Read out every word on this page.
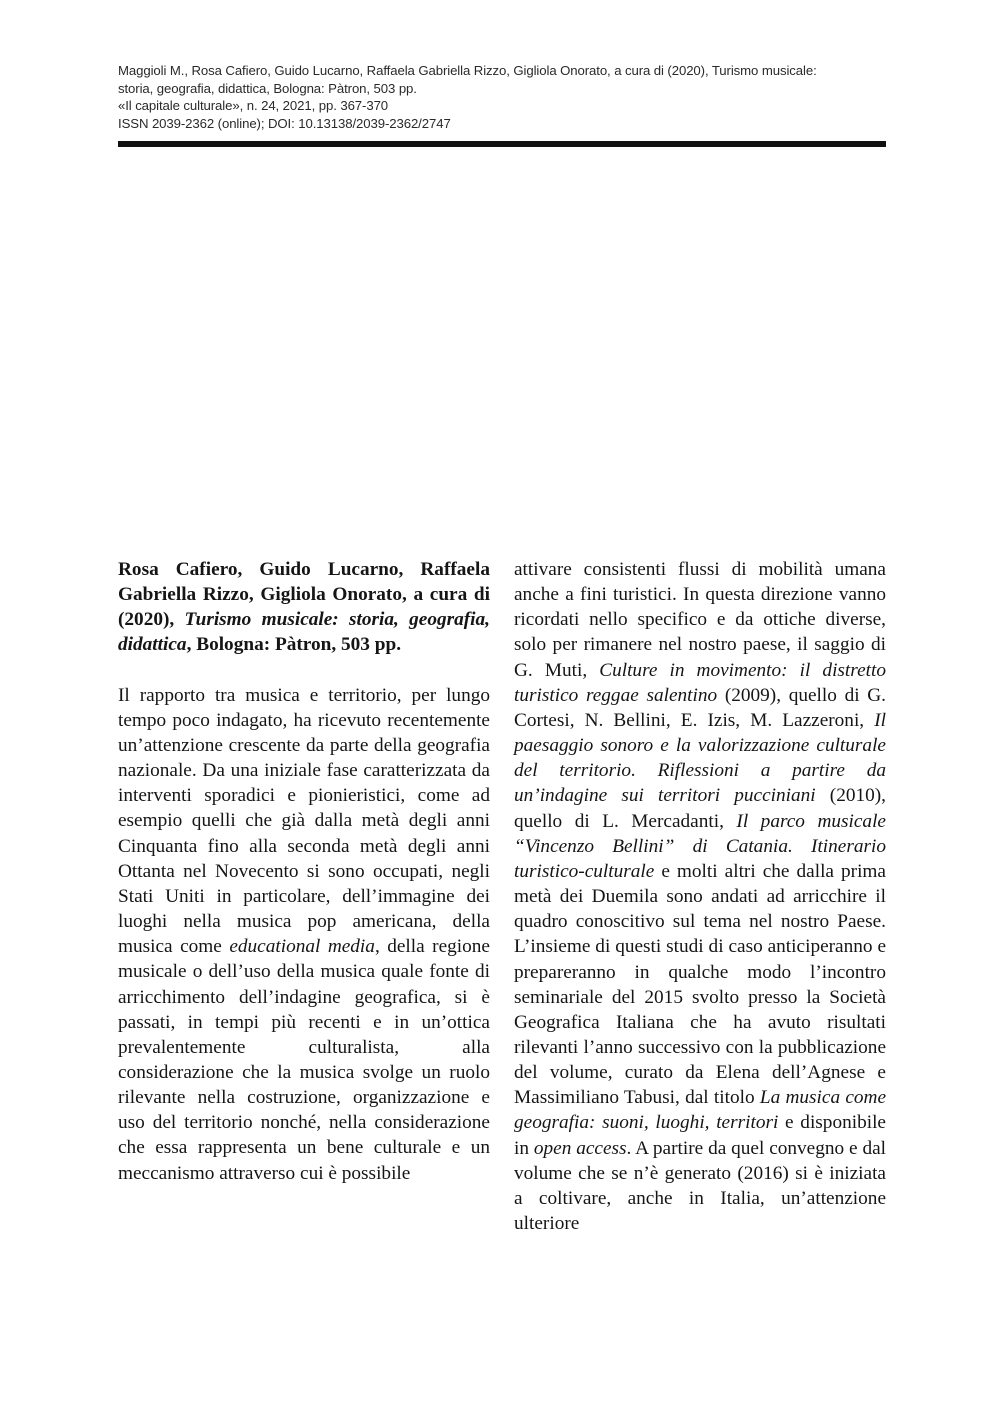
Maggioli M., Rosa Cafiero, Guido Lucarno, Raffaela Gabriella Rizzo, Gigliola Onorato, a cura di (2020), Turismo musicale:
storia, geografia, didattica, Bologna: Pàtron, 503 pp.
«Il capitale culturale», n. 24, 2021, pp. 367-370
ISSN 2039-2362 (online); DOI: 10.13138/2039-2362/2747

Rosa Cafiero, Guido Lucarno, Raffaela Gabriella Rizzo, Gigliola Onorato, a cura di (2020), Turismo musicale: storia, geografia, didattica, Bologna: Pàtron, 503 pp.

Il rapporto tra musica e territorio, per lungo tempo poco indagato, ha ricevuto recentemente un’attenzione crescente da parte della geografia nazionale. Da una iniziale fase caratterizzata da interventi sporadici e pionieristici, come ad esempio quelli che già dalla metà degli anni Cinquanta fino alla seconda metà degli anni Ottanta nel Novecento si sono occupati, negli Stati Uniti in particolare, dell’immagine dei luoghi nella musica pop americana, della musica come educational media, della regione musicale o dell’uso della musica quale fonte di arricchimento dell’indagine geografica, si è passati, in tempi più recenti e in un’ottica prevalentemente culturalista, alla considerazione che la musica svolge un ruolo rilevante nella costruzione, organizzazione e uso del territorio nonché, nella considerazione che essa rappresenta un bene culturale e un meccanismo attraverso cui è possibile

attivare consistenti flussi di mobilità umana anche a fini turistici. In questa direzione vanno ricordati nello specifico e da ottiche diverse, solo per rimanere nel nostro paese, il saggio di G. Muti, Culture in movimento: il distretto turistico reggae salentino (2009), quello di G. Cortesi, N. Bellini, E. Izis, M. Lazzeroni, Il paesaggio sonoro e la valorizzazione culturale del territorio. Riflessioni a partire da un’indagine sui territori pucciniani (2010), quello di L. Mercadanti, Il parco musicale “Vincenzo Bellini” di Catania. Itinerario turistico-culturale e molti altri che dalla prima metà dei Duemila sono andati ad arricchire il quadro conoscitivo sul tema nel nostro Paese. L’insieme di questi studi di caso anticiperanno e prepareranno in qualche modo l’incontro seminariale del 2015 svolto presso la Società Geografica Italiana che ha avuto risultati rilevanti l’anno successivo con la pubblicazione del volume, curato da Elena dell’Agnese e Massimiliano Tabusi, dal titolo La musica come geografia: suoni, luoghi, territori e disponibile in open access. A partire da quel convegno e dal volume che se n’è generato (2016) si è iniziata a coltivare, anche in Italia, un’attenzione ulteriore
